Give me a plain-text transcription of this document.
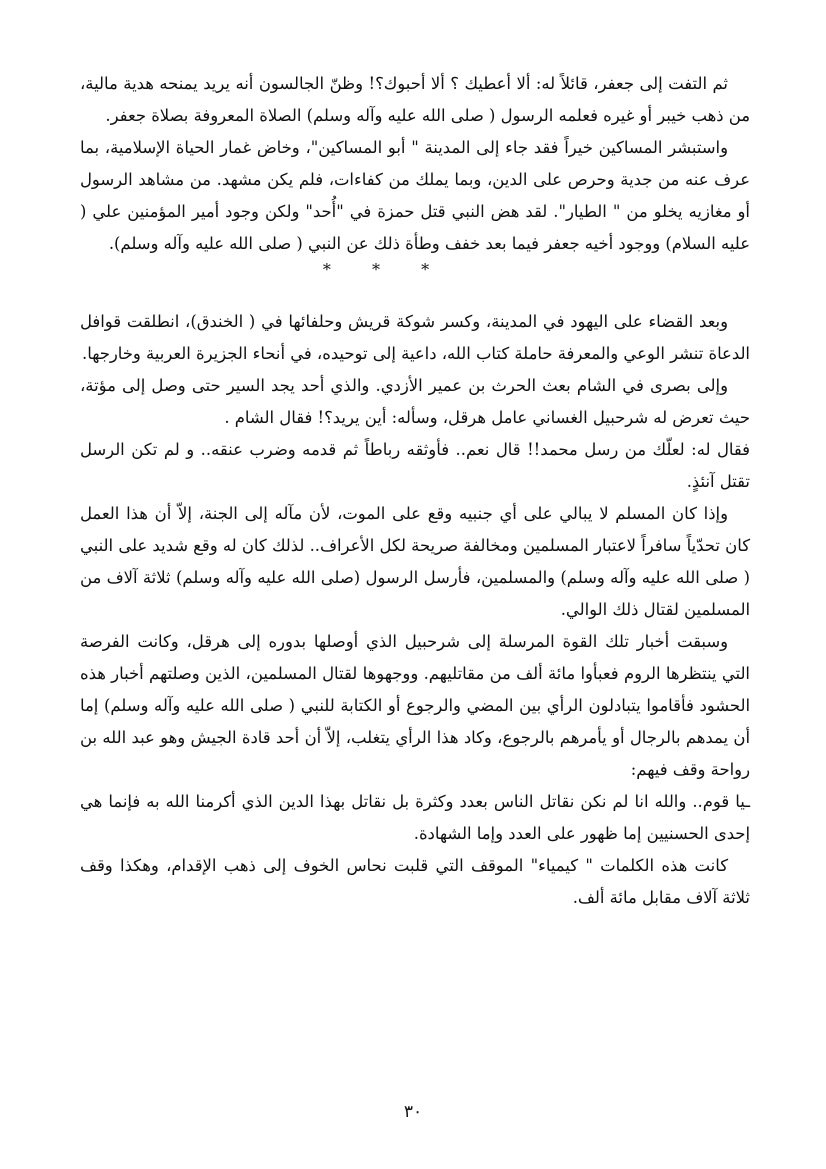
ثم التفت إلى جعفر، قائلاً له: ألا أعطيك ؟ ألا أحبوك؟! وظنّ الجالسون أنه يريد يمنحه هدية مالية، من ذهب خيبر أو غيره فعلمه الرسول ( صلى الله عليه وآله وسلم) الصلاة المعروفة بصلاة جعفر.

واستبشر المساكين خيراً فقد جاء إلى المدينة " أبو المساكين"، وخاض غمار الحياة الإسلامية، بما عرف عنه من جدية وحرص على الدين، وبما يملك من كفاءات، فلم يكن مشهد. من مشاهد الرسول أو مغازيه يخلو من " الطيار". لقد هض النبي قتل حمزة في "أُحد" ولكن وجود أمير المؤمنين علي ( عليه السلام) ووجود أخيه جعفر فيما بعد خفف وطأة ذلك عن النبي ( صلى الله عليه وآله وسلم).

* * *

وبعد القضاء على اليهود في المدينة، وكسر شوكة قريش وحلفائها في ( الخندق)، انطلقت قوافل الدعاة تنشر الوعي والمعرفة حاملة كتاب الله، داعية إلى توحيده، في أنحاء الجزيرة العربية وخارجها.

وإلى بصرى في الشام بعث الحرث بن عمير الأزدي. والذي أحد يجد السير حتى وصل إلى مؤتة، حيث تعرض له شرحبيل الغساني عامل هرقل، وسأله: أين يريد؟! فقال الشام .

فقال له: لعلّك من رسل محمد!! قال نعم.. فأوثقه رباطاً ثم قدمه وضرب عنقه.. و لم تكن الرسل تقتل آنئذٍ.

وإذا كان المسلم لا يبالي على أي جنبيه وقع على الموت، لأن مآله إلى الجنة، إلاّ أن هذا العمل كان تحدّياً سافراً لاعتبار المسلمين ومخالفة صريحة لكل الأعراف.. لذلك كان له وقع شديد على النبي ( صلى الله عليه وآله وسلم) والمسلمين، فأرسل الرسول (صلى الله عليه وآله وسلم) ثلاثة آلاف من المسلمين لقتال ذلك الوالي.

وسبقت أخبار تلك القوة المرسلة إلى شرحبيل الذي أوصلها بدوره إلى هرقل، وكانت الفرصة التي ينتظرها الروم فعبأوا مائة ألف من مقاتليهم. ووجهوها لقتال المسلمين، الذين وصلتهم أخبار هذه الحشود فأقاموا يتبادلون الرأي بين المضي والرجوع أو الكتابة للنبي ( صلى الله عليه وآله وسلم) إما أن يمدهم بالرجال أو يأمرهم بالرجوع، وكاد هذا الرأي يتغلب، إلاّ أن أحد قادة الجيش وهو عبد الله بن رواحة وقف فيهم:

ـيا قوم.. والله انا لم نكن نقاتل الناس بعدد وكثرة بل نقاتل بهذا الدين الذي أكرمنا الله به فإنما هي إحدى الحسنيين إما ظهور على العدد وإما الشهادة.

كانت هذه الكلمات " كيمياء" الموقف التي قلبت نحاس الخوف إلى ذهب الإقدام، وهكذا وقف ثلاثة آلاف مقابل مائة ألف.

٣٠
